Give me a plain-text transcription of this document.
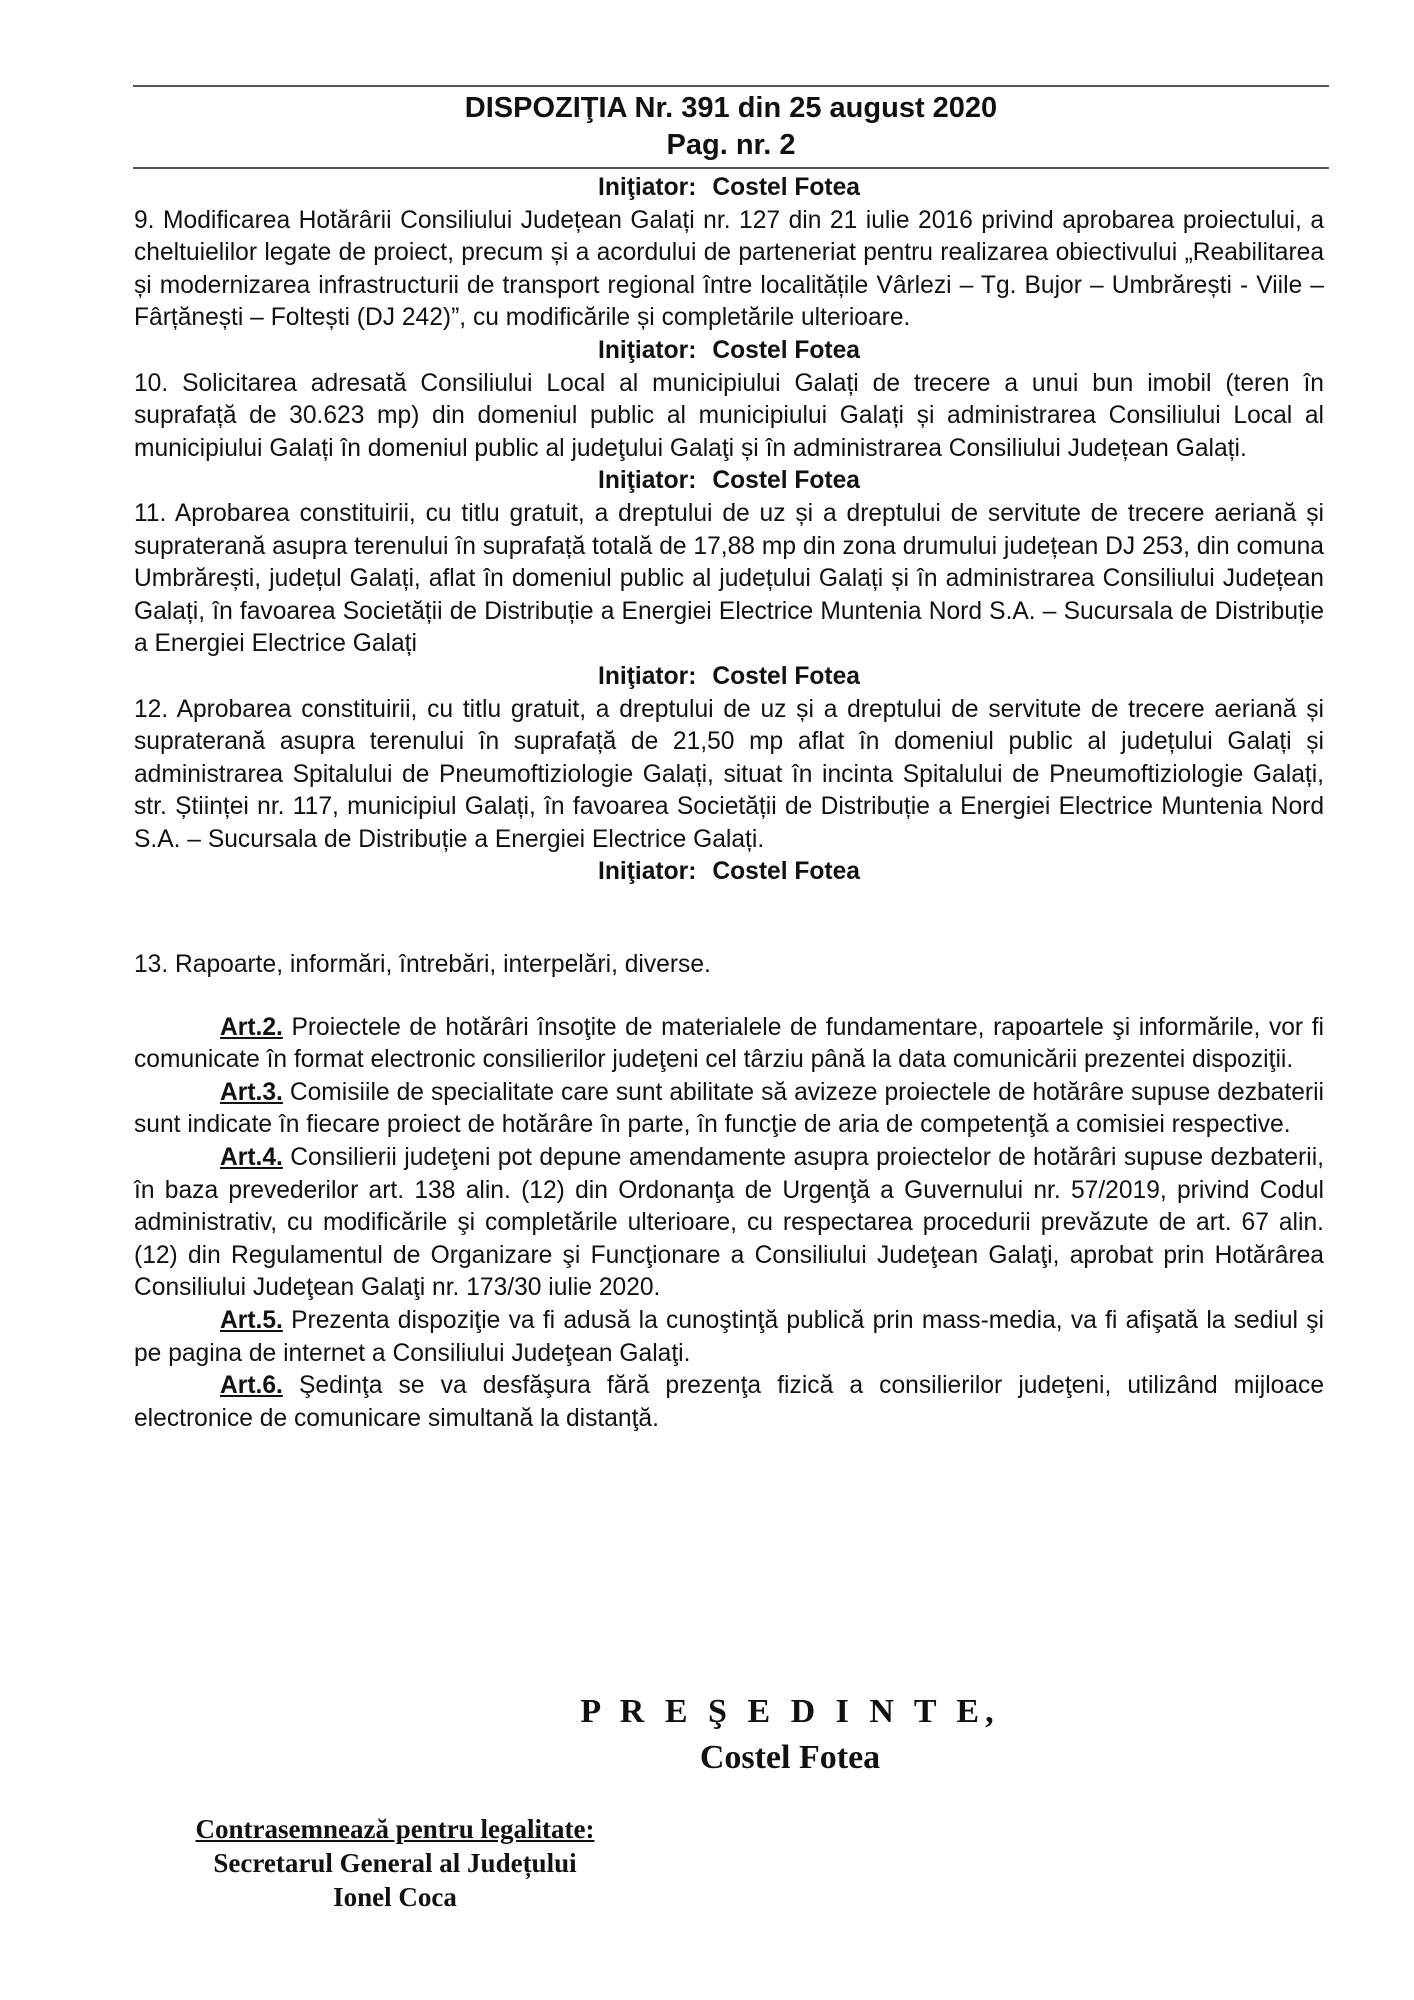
DISPOZIŢIA Nr. 391 din 25 august 2020
Pag. nr. 2

Iniţiator: Costel Fotea

9. Modificarea Hotărârii Consiliului Județean Galați nr. 127 din 21 iulie 2016 privind aprobarea proiectului, a cheltuielilor legate de proiect, precum și a acordului de parteneriat pentru realizarea obiectivului „Reabilitarea și modernizarea infrastructurii de transport regional între localitățile Vârlezi – Tg. Bujor – Umbrărești - Viile – Fârțănești – Foltești (DJ 242)”, cu modificările și completările ulterioare.

Iniţiator: Costel Fotea

10. Solicitarea adresată Consiliului Local al municipiului Galați de trecere a unui bun imobil (teren în suprafață de 30.623 mp) din domeniul public al municipiului Galați și administrarea Consiliului Local al municipiului Galați în domeniul public al judeţului Galaţi și în administrarea Consiliului Județean Galați.

Iniţiator: Costel Fotea

11. Aprobarea constituirii, cu titlu gratuit, a dreptului de uz și a dreptului de servitute de trecere aeriană și supraterană asupra terenului în suprafață totală de 17,88 mp din zona drumului județean DJ 253, din comuna Umbrărești, județul Galați, aflat în domeniul public al județului Galați și în administrarea Consiliului Județean Galați, în favoarea Societății de Distribuție a Energiei Electrice Muntenia Nord S.A. – Sucursala de Distribuție a Energiei Electrice Galați

Iniţiator: Costel Fotea

12. Aprobarea constituirii, cu titlu gratuit, a dreptului de uz și a dreptului de servitute de trecere aeriană și supraterană asupra terenului în suprafață de 21,50 mp aflat în domeniul public al județului Galați și administrarea Spitalului de Pneumoftiziologie Galați, situat în incinta Spitalului de Pneumoftiziologie Galați, str. Științei nr. 117, municipiul Galați, în favoarea Societății de Distribuție a Energiei Electrice Muntenia Nord S.A. – Sucursala de Distribuție a Energiei Electrice Galați.

Iniţiator: Costel Fotea

13. Rapoarte, informări, întrebări, interpelări, diverse.

Art.2. Proiectele de hotărâri însoţite de materialele de fundamentare, rapoartele şi informările, vor fi comunicate în format electronic consilierilor judeţeni cel târziu până la data comunicării prezentei dispoziţii.

Art.3. Comisiile de specialitate care sunt abilitate să avizeze proiectele de hotărâre supuse dezbaterii sunt indicate în fiecare proiect de hotărâre în parte, în funcţie de aria de competenţă a comisiei respective.

Art.4. Consilierii judeţeni pot depune amendamente asupra proiectelor de hotărâri supuse dezbaterii, în baza prevederilor art. 138 alin. (12) din Ordonanţa de Urgenţă a Guvernului nr. 57/2019, privind Codul administrativ, cu modificările şi completările ulterioare, cu respectarea procedurii prevăzute de art. 67 alin. (12) din Regulamentul de Organizare şi Funcţionare a Consiliului Judeţean Galaţi, aprobat prin Hotărârea Consiliului Judeţean Galaţi nr. 173/30 iulie 2020.

Art.5. Prezenta dispoziţie va fi adusă la cunoştinţă publică prin mass-media, va fi afişată la sediul şi pe pagina de internet a Consiliului Judeţean Galaţi.

Art.6. Şedinţa se va desfăşura fără prezenţa fizică a consilierilor judeţeni, utilizând mijloace electronice de comunicare simultană la distanţă.

P R E Ş E D I N T E,
Costel Fotea
Contrasemnează pentru legalitate:
Secretarul General al Județului
Ionel Coca
